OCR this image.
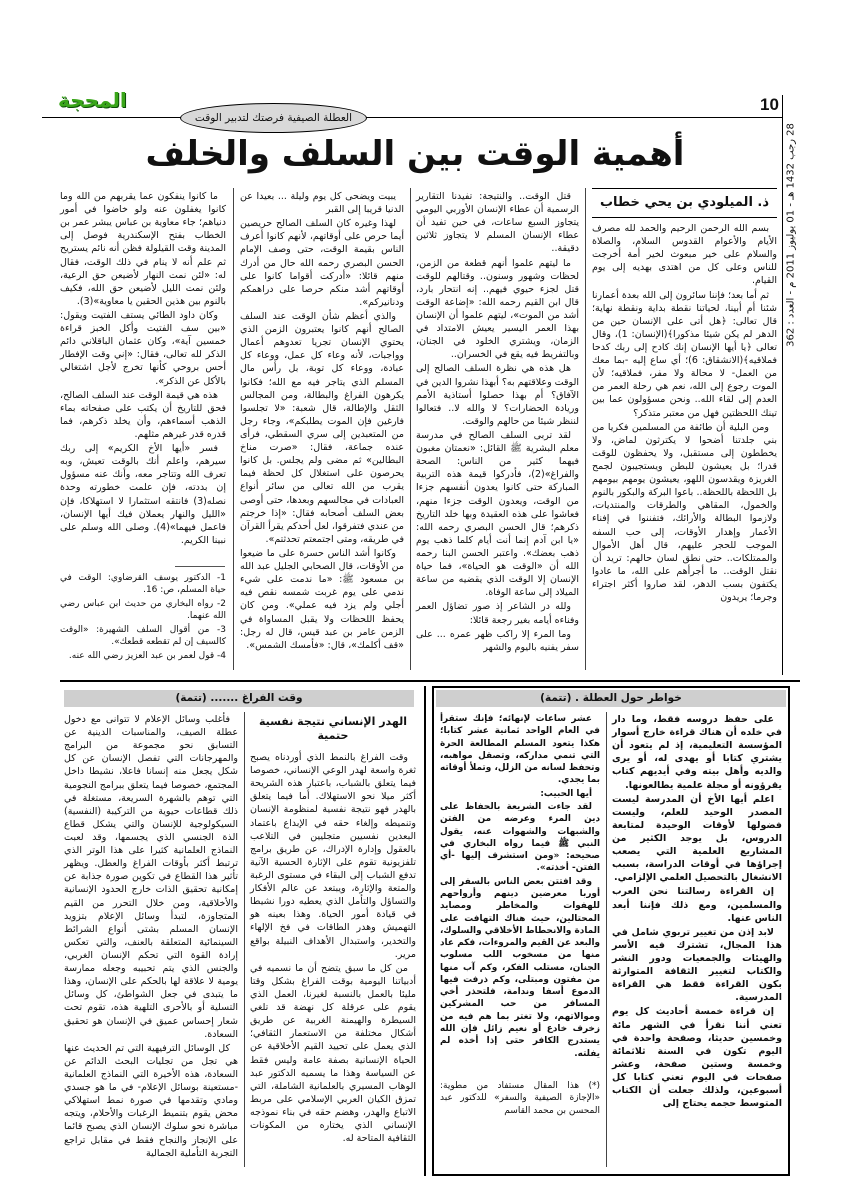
10
المحجة
العطلة الصيفية فرصتك لتدبير الوقت
28 رجب 1432 هـ - 01 يوليوز 2011 م - العدد : 362
أهمية الوقت بين السلف والخلف
ذ. الميلودي بن يحي خطاب

بسم الله الرحمن الرحيم والحمد لله مصرف الأيام والأعوام القدوس السلام، والصلاة والسلام على خير مبعوث لخير أمة أخرجت للناس وعلى كل من اهتدى بهديه إلى يوم القيام.

ثم أما بعد؛ فإننا سائرون إلى الله بعدة أعمارنا شئنا أم أبينا، لحياتنا نقطة بداية ونقطة نهاية؛ قال تعالى: ﴿هل أتى على الإنسان حين من الدهر لم يكن شيئا مذكورا﴾(الإنسان: 1)، وقال تعالى ﴿يا أيها الإنسان إنك كادح إلى ربك كدحا فملاقيه﴾(الانشقاق: 6)؛ أي ساع إليه -بما معك من العمل- لا محالة ولا مفر، فملاقيه؛ لأن الموت رجوع إلى الله، نعم هي رحلة العمر من العدم إلى لقاء الله.. ونحن مسؤولون عما بين تينك اللحظتين فهل من معتبر متذكر؟

ومن البلية أن طائفة من المسلمين فكريا من بني جلدتنا أضحوا لا يكترثون لماض، ولا يخططون إلى مستقبل، ولا يحفظون للوقت قدرا؛ بل يعيشون للبطن ويستجيبون لجمح الغريزة ويقدسون اللهو، يعيشون يومهم بيومهم بل اللحظة باللحظة.. باعوا البركة والبكور بالنوم والخمول، المقاهي والطرقات والمنتديات، ولازموا البطالة والأرائك، فتفننوا في إفناء الأعمار وإهدار الأوقات، إلى حب السفه الموجب للحجر عليهم، قال أهل الأموال والممتلكات.. حتى نطق لسان حالهم: تريد أن نقتل الوقت.. ما أجرأهم على الله، ما عادوا يكتفون بسب الدهر، لقد صاروا أكثر اجتراء وجرما؛ يريدون

قتل الوقت.. والنتيجة: تفيدنا التقارير الرسمية أن عطاء الإنسان الأوربي اليومي يتجاوز السبع ساعات، في حين تفيد أن عطاء الإنسان المسلم لا يتجاوز ثلاثين دقيقة..

ما ليتهم علموا أنهم قطعة من الزمن، لحظات وشهور وسنون.. وقتالهم للوقت قتل لجزء حيوي فيهم.. إنه انتحار بارد، قال ابن القيم رحمه الله: «إضاعة الوقت أشد من الموت»، ليتهم علموا أن الإنسان بهذا العمر اليسير يعيش الامتداد في الزمان، ويشتري الخلود في الجنان، وبالتفريط فيه يقع في الخسران..

هل هذه هي نظرة السلف الصالح إلى الوقت وعلاقتهم به؟ أبهذا نشروا الدين في الآفاق؟ أم بهذا حصلوا أستاذية الأمم وريادة الحضارات؟ لا والله لا.. فتعالوا لننظر شيئا من حالهم والوقت.

لقد تربى السلف الصالح في مدرسة معلم البشرية ﷺ القائل: «نعمتان مغبون فيهما كثير من الناس: الصحة والفراغ»(2)، فأدركوا قيمة هذه التربية المباركة حتى كانوا يعدون أنفسهم جزءا من الوقت، ويعدون الوقت جزءا منهم، فعاشوا على هذه العقيدة وبها خلد التاريخ ذكرهم؛ قال الحسن البصري رحمه الله: «يا ابن آدم إنما أنت أيام كلما ذهب يوم ذهب بعضك». واعتبر الحسن البنا رحمه الله أن «الوقت هو الحياة»، فما حياة الإنسان إلا الوقت الذي يقضيه من ساعة الميلاد إلى ساعة الوفاة.

ولله در الشاعر إذ صور تضاؤل العمر وفناءه أيامه بغير رجعة قائلا:

وما المرء إلا راكب ظهر عمره ... على سفر يفنيه باليوم والشهر

يبيت ويضحى كل يوم وليلة ... بعيدا عن الدنيا قريبا إلى القبر

لهذا وغيره كان السلف الصالح حريصين أيما حرص على أوقاتهم، لأنهم كانوا أعرف الناس بقيمة الوقت، حتى وصف الإمام الحسن البصري رحمه الله حال من أدرك منهم قائلا: «أدركت أقواما كانوا على أوقاتهم أشد منكم حرصا على دراهمكم ودنانيركم».

والذي أعظم شأن الوقت عند السلف الصالح أنهم كانوا يعتبرون الزمن الذي يحتوي الإنسان تجريا تعدوهم أعمال وواجبات، لأنه وعاء كل عمل، ووعاء كل عبادة، ووعاء كل توبة، بل رأس مال المسلم الذي يتاجر فيه مع الله؛ فكانوا يكرهون الفراغ والبطالة، ومن المجالس الثقل والإطالة، قال شعبة: «لا تجلسوا فارغين فإن الموت يطلبكم»، وجاء رجل من المتعبدين إلى سري السقطي، فرأى عنده جماعة، فقال: «صرت مناخ البطالين» ثم مضى ولم يجلس. بل كانوا يحرصون على استغلال كل لحظة فيما يقرب من الله تعالى من سائر أنواع العبادات في مجالسهم وبعدها، حتى أوصى بعض السلف أصحابه فقال: «إذا خرجتم من عندي فتفرقوا، لعل أحدكم يقرأ القرآن في طريقه، ومتى اجتمعتم تحدثتم».

وكانوا أشد الناس حسرة على ما ضيعوا من الأوقات، قال الصحابي الجليل عبد الله بن مسعود ﷺ: «ما ندمت على شيء ندمي على يوم غربت شمسه نقص فيه أجلي ولم يزد فيه عملي». ومن كان يحفظ اللحظات ولا يقبل المساواة في الزمن عامر بن عبد قيس، قال له رجل: «قف أكلمك»، قال: «فأمسك الشمس».

ما كانوا ينفكون عما يقربهم من الله وما كانوا يغفلون عنه ولو خاضوا في أمور دنياهم؛ جاء معاوية بن عباس يبشر عمر بن الخطاب بفتح الإسكندرية فوصل إلى المدينة وقت القيلولة فظن أنه نائم يستريح ثم علم أنه لا ينام في ذلك الوقت، فقال له: «لئن نمت النهار لأضيعن حق الرعية، ولئن نمت الليل لأضيعن حق الله، فكيف بالنوم بين هذين الحقين يا معاوية»(3).

وكان داود الطائي يستف الفتيت ويقول: «بين سف الفتيت وأكل الخبز قراءة خمسين آية»، وكان عثمان الباقلاني دائم الذكر لله تعالى، فقال: «إني وقت الإفطار أحس بروحي كأنها تخرج لأجل اشتغالي بالأكل عن الذكر».

هذه هي قيمة الوقت عند السلف الصالح، فحق للتاريخ أن يكتب على صفحاته بماء الذهب أسماءهم، وأن يخلد ذكرهم، فما قدره قدر غيرهم مثلهم.

فسر «أيها الأخ الكريم» إلى ربك سيرهم، واعلم أنك بالوقت تعيش، وبه تعرف الله وتتاجر معه، وأنك عنه مسؤول إن بددته، فإن علمت خطورته وحدة نصله(3) فانتقه استثمارا لا استهلاكا، فإن «الليل والنهار يعملان فيك أيها الإنسان، فاعمل فيهما»(4). وصلى الله وسلم على نبينا الكريم.

1- الدكتور يوسف القرضاوي: الوقت في حياة المسلم، ص: 16.

2- رواه البخاري من حديث ابن عباس رضي الله عنهما.

3- من أقوال السلف الشهيرة: «الوقت كالسيف إن لم تقطعه قطعك».

4- قول لعمر بن عبد العزيز رضي الله عنه.

خواطر حول العطلة . (تتمة)

على حفظ دروسه فقط، وما دار في خلده أن هناك قراءة خارج أسوار المؤسسة التعليمية، إذ لم يتعود أن يشتري كتابا أو يهدى له، أو يرى والديه وأهل بيته وفي أيديهم كتاب يقرؤونه أو مجلة علمية يطالعونها.

اعلم أيها الأخ أن المدرسة ليست المصدر الوحيد للعلم، وليست فضولها لأوقات الوحيدة لمتابعة الدروس، بل يوجد الكثير من المشاريع العلمية التي يصعب إجراؤها في أوقات الدراسة، بسبب الانشغال بالتحصيل العلمي الإلزامي.

إن القراءة رسالتنا نحن العرب والمسلمين، ومع ذلك فإننا أبعد الناس عنها.

لابد إذن من تغيير تربوي شامل في هذا المجال، تشترك فيه الأسر والهيئات والجمعيات ودور النشر والكتاب لتغيير الثقافة المتوارثة بكون القراءة فقط هي القراءة المدرسية.

إن قراءة خمسة أحاديث كل يوم تعني أننا نقرأ في الشهر مائة وخمسين حديثا، وصفحة واحدة في اليوم تكون في السنة ثلاثمائة وخمسة وستين صفحة، وعشر صفحات في اليوم تعني كتابا كل أسبوعين، ولذلك جعلت أن الكتاب المتوسط حجمه يحتاج إلى

عشر ساعات لإنهائه؛ فإنك ستقرأ في العام الواحد ثمانية عشر كتابا؛ هكذا يتعود المسلم المطالعة الحرة التي تنمي مداركه، وتصقل مواهبه، وتحفظ لسانه من الزلل، وتملأ أوقاته بما يجدي.

أيها الحبيب:

لقد جاءت الشريعة بالحفاظ على دين المرء وعرضه من الفتن والشبهات والشهوات عنه، يقول النبي ﷺ فيما رواه البخاري في صحيحه: «ومن استشرف إليها -أي الفتن- أخذته».

وقد افتتن بعض الناس بالسفر إلى أوربا معرضين دينهم وأرواحهم للهفوات والمخاطر ومصايد المحتالين، حيث هناك التهافت على المادة والانحطاط الأخلاقي والسلوك، والبعد عن القيم والمروءات، فكم عاد منها من مسخوب اللب مسلوب الجنان، مستلب الفكر، وكم آب منها من مفتون ومبتلى، وكم ذرفت فيها الدموع أسفا وندامة، فلتحذر أخي المسافر من حب المشركين وموالاتهم، ولا تغتر بما هم فيه من زخرف خادع أو نعيم زائل فإن الله يستدرج الكافر حتى إذا أخذه لم يفلته.

(*) هذا المقال مستفاد من مطوية: «الإجازة الصيفية والسفر» للدكتور عبد المحسن بن محمد القاسم

وقت الفراغ ....... (تتمة)

الهدر الإنساني نتيجة نفسية حتمية

وقت الفراغ بالنمط الذي أوردناه يصبح ثغرة واسعة لهدر الوعي الإنساني، خصوصا فيما يتعلق بالشباب، باعتبار هذه الشريحة أكثر ميلا نحو الاستهلاك. أما فيما يتعلق بالهدر فهو نتيجة نفسية لمنظومة الإنسان وتنميطه وإلغاء حقه في الإبداع باعتماد البعدين نفسيين متجليين في التلاعب بالعقول وإدارة الإدراك، عن طريق برامج تلفزيونية تقوم على الإثارة الحسية الآنية تدفع الشباب إلى البقاء في مستوى الرغبة والمتعة والإثارة، ويبتعد عن عالم الأفكار والتساؤل والتأمل الذي يعطيه دورا نشيطا في قيادة أمور الحياة. وهذا بعينه هو التهميش وهدر الطاقات في فخ الإلهاء والتخدير، واستبدال الأهداف النبيلة بواقع مرير.

من كل ما سبق يتضح أن ما نسميه في أدبياتنا اليومية بوقت الفراغ بشكل وقتا مليئا بالعمل بالنسبة لغيرنا، العمل الذي يقوم على عرقلة كل نهضة قد تلغي السيطرة والهيمنة الغربية عن طريق أشكال مختلفة من الاستعمار الثقافي؛ الذي يعمل على تحييد القيم الأخلاقية عن الحياة الإنسانية بصفة عامة وليس فقط عن السياسة وهذا ما يسميه الدكتور عبد الوهاب المسيري بالعلمانية الشاملة، التي تمزق الكيان العربي الإسلامي على مربط الاتباع والهدر، وهضم حقه في بناء نموذجه الإنساني الذي يختاره من المكونات الثقافية المتاحة له.

فأغلب وسائل الإعلام لا تتوانى مع دخول عطلة الصيف، والمناسبات الدينية عن التسابق نحو مجموعة من البرامج والمهرجانات التي تفصل الإنسان عن كل شكل يجعل منه إنسانا فاعلا، نشيطا داخل المجتمع، خصوصا فيما يتعلق ببرامج النجومية التي توهم بالشهرة السريعة، مستغلة في ذلك قطاعات حيوية من التركيبة (النفسية) السيكولوجية للإنسان والتي يشكل قطاع الذة الجنسي الذي يجسمها، وقد لعبت النماذج العلمانية كثيرا على هذا الوتر الذي ترتبط أكثر بأوقات الفراغ والعطل. ويظهر تأثير هذا القطاع في تكوين صورة جذابة عن إمكانية تحقيق الذات خارج الحدود الإنسانية والأخلاقية، ومن خلال التحرر من القيم المتجاوزة، لتبدأ وسائل الإعلام بتزويد الإنسان المسلم بشتى أنواع الشرائط السينمائية المتعلقة بالعنف، والتي تعكس إرادة القوة التي تحكم الإنسان الغربي، والجنس الذي يتم تحبيبه وجعله ممارسة يومية لا علاقة لها بالحكم على الإنسان، وهذا ما يتبدى في جعل الشواطئ، كل وسائل التسلية أو بالأحرى التلهية هذه، تقوم تحت شعار إحساس عميق في الإنسان هو تحقيق السعادة.

كل الوسائل الترفيهية التي تم الحديث عنها هي تجل من تجليات البحث الدائم عن السعادة، هذه الأخيرة التي النماذج العلمانية -مستعينة بوسائل الإعلام- في ما هو جسدي ومادي وتقدمها في صورة نمط استهلاكي محض يقوم بتنميط الرغبات والأحلام، ويتجه مباشرة نحو سلوك الإنسان الذي يصبح قائما على الإنجاز والنجاح فقط في مقابل تراجع التجربة التأملية الجمالية
